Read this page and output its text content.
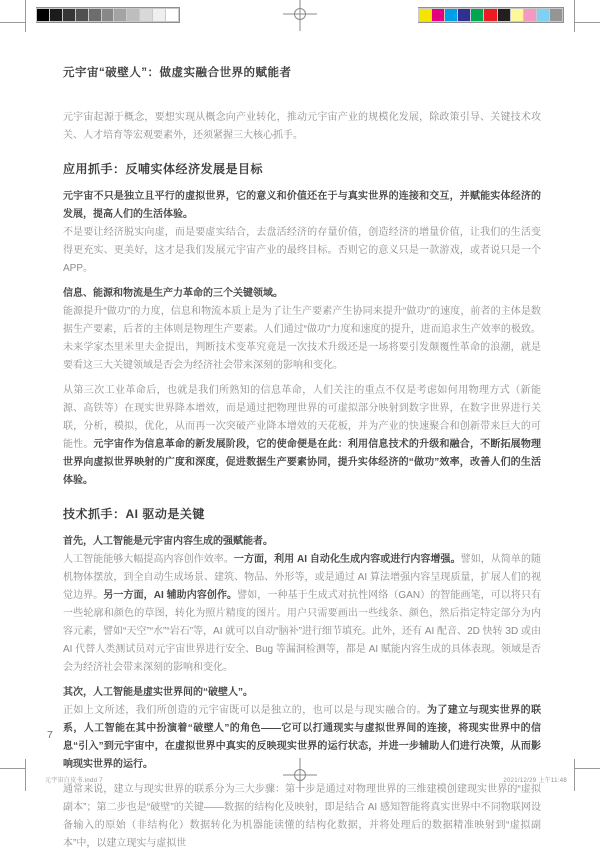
元宇宙“破壁人”：做虚实融合世界的赋能者

元宇宙起源于概念，要想实现从概念向产业转化，推动元宇宙产业的规模化发展，除政策引导、关键技术攻关、人才培育等宏观要素外，还须紧握三大核心抓手。

应用抓手：反哺实体经济发展是目标

元宇宙不只是独立且平行的虚拟世界，它的意义和价值还在于与真实世界的连接和交互，并赋能实体经济的发展，提高人们的生活体验。

不是要让经济脱实向虚，而是要虚实结合，去盘活经济的存量价值，创造经济的增量价值，让我们的生活变得更充实、更美好，这才是我们发展元宇宙产业的最终目标。否则它的意义只是一款游戏，或者说只是一个 APP。

信息、能源和物流是生产力革命的三个关键领域。

能源提升“做功”的力度，信息和物流本质上是为了让生产要素产生协同来提升“做功”的速度，前者的主体是数据生产要素，后者的主体则是物理生产要素。人们通过“做功”力度和速度的提升，进而追求生产效率的极致。未来学家杰里米里夫金提出，判断技术变革究竟是一次技术升级还是一场将要引发颠覆性革命的浪潮，就是要看这三大关键领域是否会为经济社会带来深刻的影响和变化。

从第三次工业革命后，也就是我们所熟知的信息革命，人们关注的重点不仅是考虑如何用物理方式（新能源、高铁等）在现实世界降本增效，而是通过把物理世界的可虚拟部分映射到数字世界，在数字世界进行关联，分析，模拟，优化，从而再一次突破产业降本增效的天花板，并为产业的快速聚合和创新带来巨大的可能性。元宇宙作为信息革命的新发展阶段，它的使命便是在此：利用信息技术的升级和融合，不断拓展物理世界向虚拟世界映射的广度和深度，促进数据生产要素协同，提升实体经济的“做功”效率，改善人们的生活体验。

技术抓手：AI 驱动是关键

首先，人工智能是元宇宙内容生成的强赋能者。

人工智能能够大幅提高内容创作效率。一方面，利用 AI 自动化生成内容或进行内容增强。譬如，从简单的随机物体摆放，到全自动生成场景、建筑、物品、外形等，或是通过 AI 算法增强内容呈现质量，扩展人们的视觉边界。另一方面，AI 辅助内容创作。譬如，一种基于生成式对抗性网络（GAN）的智能画笔，可以将只有一些轮廓和颜色的草图，转化为照片精度的图片。用户只需要画出一些线条、颜色，然后指定特定部分为内容元素，譬如“天空”“水”“岩石”等，AI 就可以自动“脑补”进行细节填充。此外，还有 AI 配音、2D 快转 3D 或由 AI 代替人类测试员对元宇宙世界进行安全、Bug 等漏洞检测等，都是 AI 赋能内容生成的具体表现。领域是否会为经济社会带来深刻的影响和变化。

其次，人工智能是虚实世界间的“破壁人”。

正如上文所述，我们所创造的元宇宙既可以是独立的，也可以是与现实融合的。为了建立与现实世界的联系，人工智能在其中扮演着“破壁人”的角色——它可以打通现实与虚拟世界间的连接，将现实世界中的信息“引入”到元宇宙中，在虚拟世界中真实的反映现实世界的运行状态，并进一步辅助人们进行决策，从而影响现实世界的运行。

通常来说，建立与现实世界的联系分为三大步骤：第一步是通过对物理世界的三维建模创建现实世界的“虚拟副本”；第二步也是“破壁”的关键——数据的结构化及映射，即是结合 AI 感知智能将真实世界中不同物联网设备输入的原始（非结构化）数据转化为机器能读懂的结构化数据，并将处理后的数据精准映射到“虚拟副本”中，以建立现实与虚拟世

7
元宇宙白皮书.indd 7	2021/12/29 上午11:48
